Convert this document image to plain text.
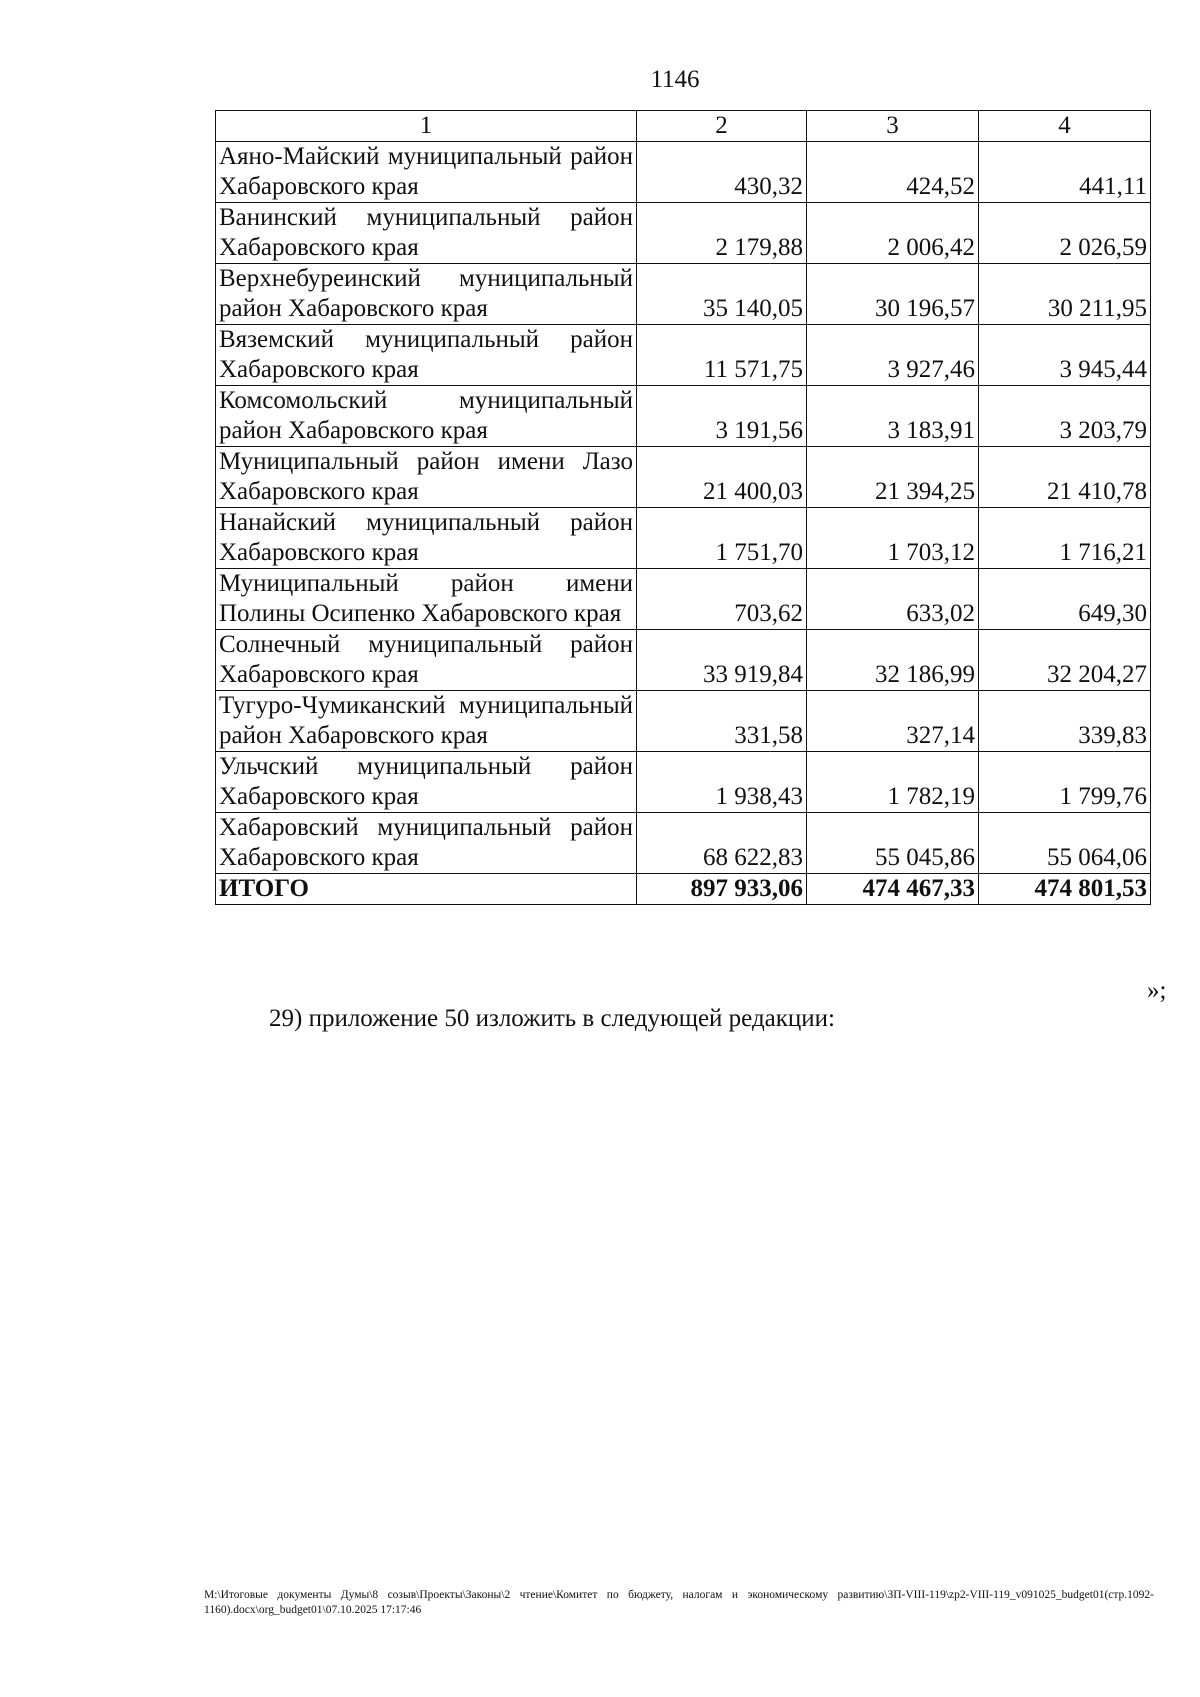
1146
1	2	3	4
Аяно-Майский муниципальный район Хабаровского края	430,32	424,52	441,11
Ванинский муниципальный район Хабаровского края	2 179,88	2 006,42	2 026,59
Верхнебуреинский муниципальный район Хабаровского края	35 140,05	30 196,57	30 211,95
Вяземский муниципальный район Хабаровского края	11 571,75	3 927,46	3 945,44
Комсомольский муниципальный район Хабаровского края	3 191,56	3 183,91	3 203,79
Муниципальный район имени Лазо Хабаровского края	21 400,03	21 394,25	21 410,78
Нанайский муниципальный район Хабаровского края	1 751,70	1 703,12	1 716,21
Муниципальный район имени Полины Осипенко Хабаровского края	703,62	633,02	649,30
Солнечный муниципальный район Хабаровского края	33 919,84	32 186,99	32 204,27
Тугуро-Чумиканский муниципальный район Хабаровского края	331,58	327,14	339,83
Ульчский муниципальный район Хабаровского края	1 938,43	1 782,19	1 799,76
Хабаровский муниципальный район Хабаровского края	68 622,83	55 045,86	55 064,06
ИТОГО	897 933,06	474 467,33	474 801,53
»;
29) приложение 50 изложить в следующей редакции:
M:\Итоговые документы Думы\8 созыв\Проекты\Законы\2 чтение\Комитет по бюджету, налогам и экономическому развитию\ЗП-VIII-119\zp2-VIII-119_v091025_budget01(стр.1092-1160).docx\org_budget01\07.10.2025 17:17:46
